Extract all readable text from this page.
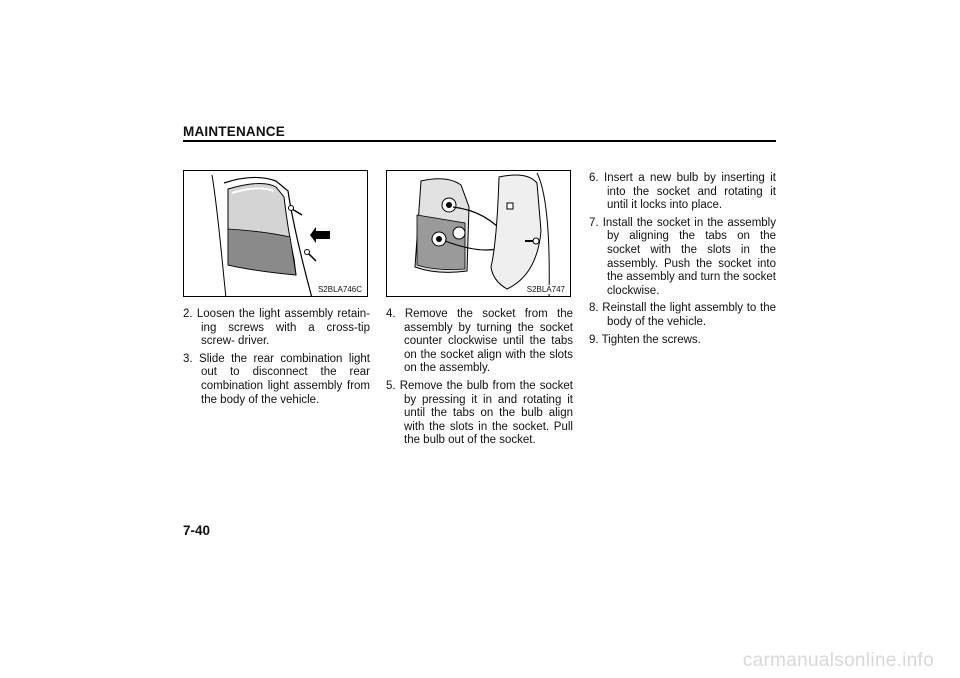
MAINTENANCE
S2BLA746C	S2BLA747
2. Loosen the light assembly retain- ing screws with a cross-tip screw- driver.
3. Slide the rear combination light out to disconnect the rear combination light assembly from the body of the vehicle.
4. Remove the socket from the assembly by turning the socket counter clockwise until the tabs on the socket align with the slots on the assembly.
5. Remove the bulb from the socket by pressing it in and rotating it until the tabs on the bulb align with the slots in the socket. Pull the bulb out of the socket.
6. Insert a new bulb by inserting it into the socket and rotating it until it locks into place.
7. Install the socket in the assembly by aligning the tabs on the socket with the slots in the assembly. Push the socket into the assembly and turn the socket clockwise.
8. Reinstall the light assembly to the body of the vehicle.
9. Tighten the screws.
7-40
carmanualsonline.info
